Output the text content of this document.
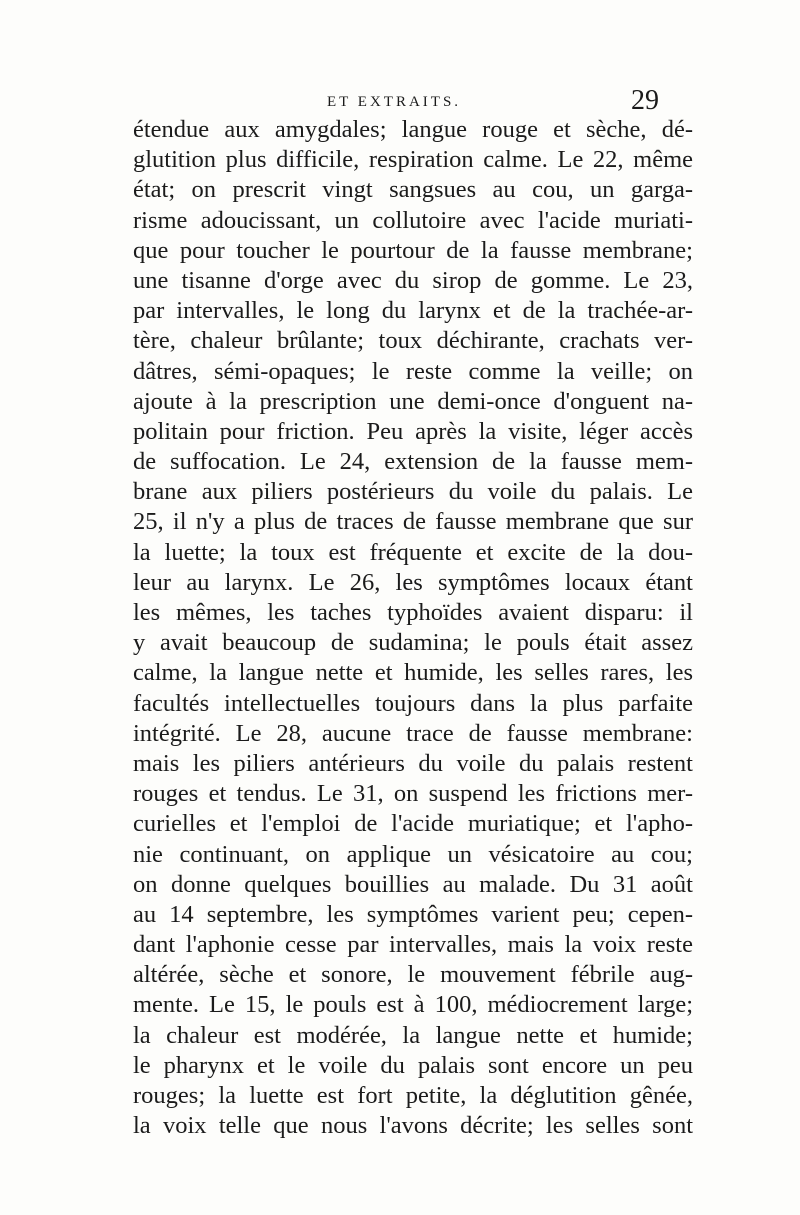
ET EXTRAITS.	29
étendue aux amygdales; langue rouge et sèche, dé-
glutition plus difficile, respiration calme. Le 22, même
état; on prescrit vingt sangsues au cou, un garga-
risme adoucissant, un collutoire avec l'acide muriati-
que pour toucher le pourtour de la fausse membrane;
une tisanne d'orge avec du sirop de gomme. Le 23,
par intervalles, le long du larynx et de la trachée-ar-
tère, chaleur brûlante; toux déchirante, crachats ver-
dâtres, sémi-opaques; le reste comme la veille; on
ajoute à la prescription une demi-once d'onguent na-
politain pour friction. Peu après la visite, léger accès
de suffocation. Le 24, extension de la fausse mem-
brane aux piliers postérieurs du voile du palais. Le
25, il n'y a plus de traces de fausse membrane que sur
la luette; la toux est fréquente et excite de la dou-
leur au larynx. Le 26, les symptômes locaux étant
les mêmes, les taches typhoïdes avaient disparu: il
y avait beaucoup de sudamina; le pouls était assez
calme, la langue nette et humide, les selles rares, les
facultés intellectuelles toujours dans la plus parfaite
intégrité. Le 28, aucune trace de fausse membrane:
mais les piliers antérieurs du voile du palais restent
rouges et tendus. Le 31, on suspend les frictions mer-
curielles et l'emploi de l'acide muriatique; et l'apho-
nie continuant, on applique un vésicatoire au cou;
on donne quelques bouillies au malade. Du 31 août
au 14 septembre, les symptômes varient peu; cepen-
dant l'aphonie cesse par intervalles, mais la voix reste
altérée, sèche et sonore, le mouvement fébrile aug-
mente. Le 15, le pouls est à 100, médiocrement large;
la chaleur est modérée, la langue nette et humide;
le pharynx et le voile du palais sont encore un peu
rouges; la luette est fort petite, la déglutition gênée,
la voix telle que nous l'avons décrite; les selles sont
